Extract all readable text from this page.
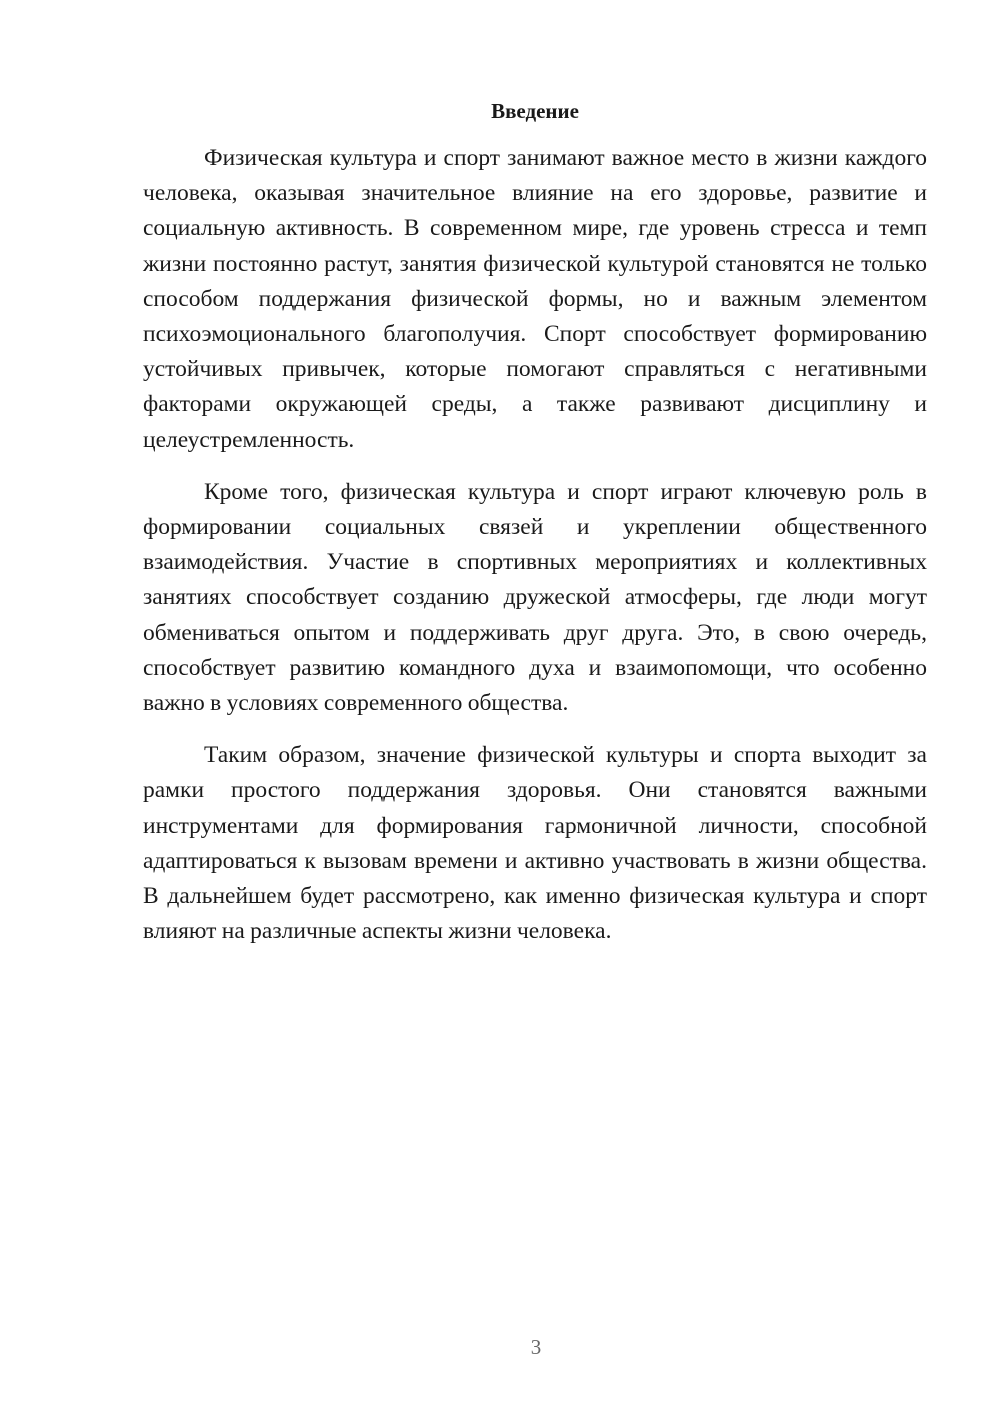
Введение

Физическая культура и спорт занимают важное место в жизни каждого человека, оказывая значительное влияние на его здоровье, развитие и социальную активность. В современном мире, где уровень стресса и темп жизни постоянно растут, занятия физической культурой становятся не только способом поддержания физической формы, но и важным элементом психоэмоционального благополучия. Спорт способствует формированию устойчивых привычек, которые помогают справляться с негативными факторами окружающей среды, а также развивают дисциплину и целеустремленность.

Кроме того, физическая культура и спорт играют ключевую роль в формировании социальных связей и укреплении общественного взаимодействия. Участие в спортивных мероприятиях и коллективных занятиях способствует созданию дружеской атмосферы, где люди могут обмениваться опытом и поддерживать друг друга. Это, в свою очередь, способствует развитию командного духа и взаимопомощи, что особенно важно в условиях современного общества.

Таким образом, значение физической культуры и спорта выходит за рамки простого поддержания здоровья. Они становятся важными инструментами для формирования гармоничной личности, способной адаптироваться к вызовам времени и активно участвовать в жизни общества. В дальнейшем будет рассмотрено, как именно физическая культура и спорт влияют на различные аспекты жизни человека.

3
